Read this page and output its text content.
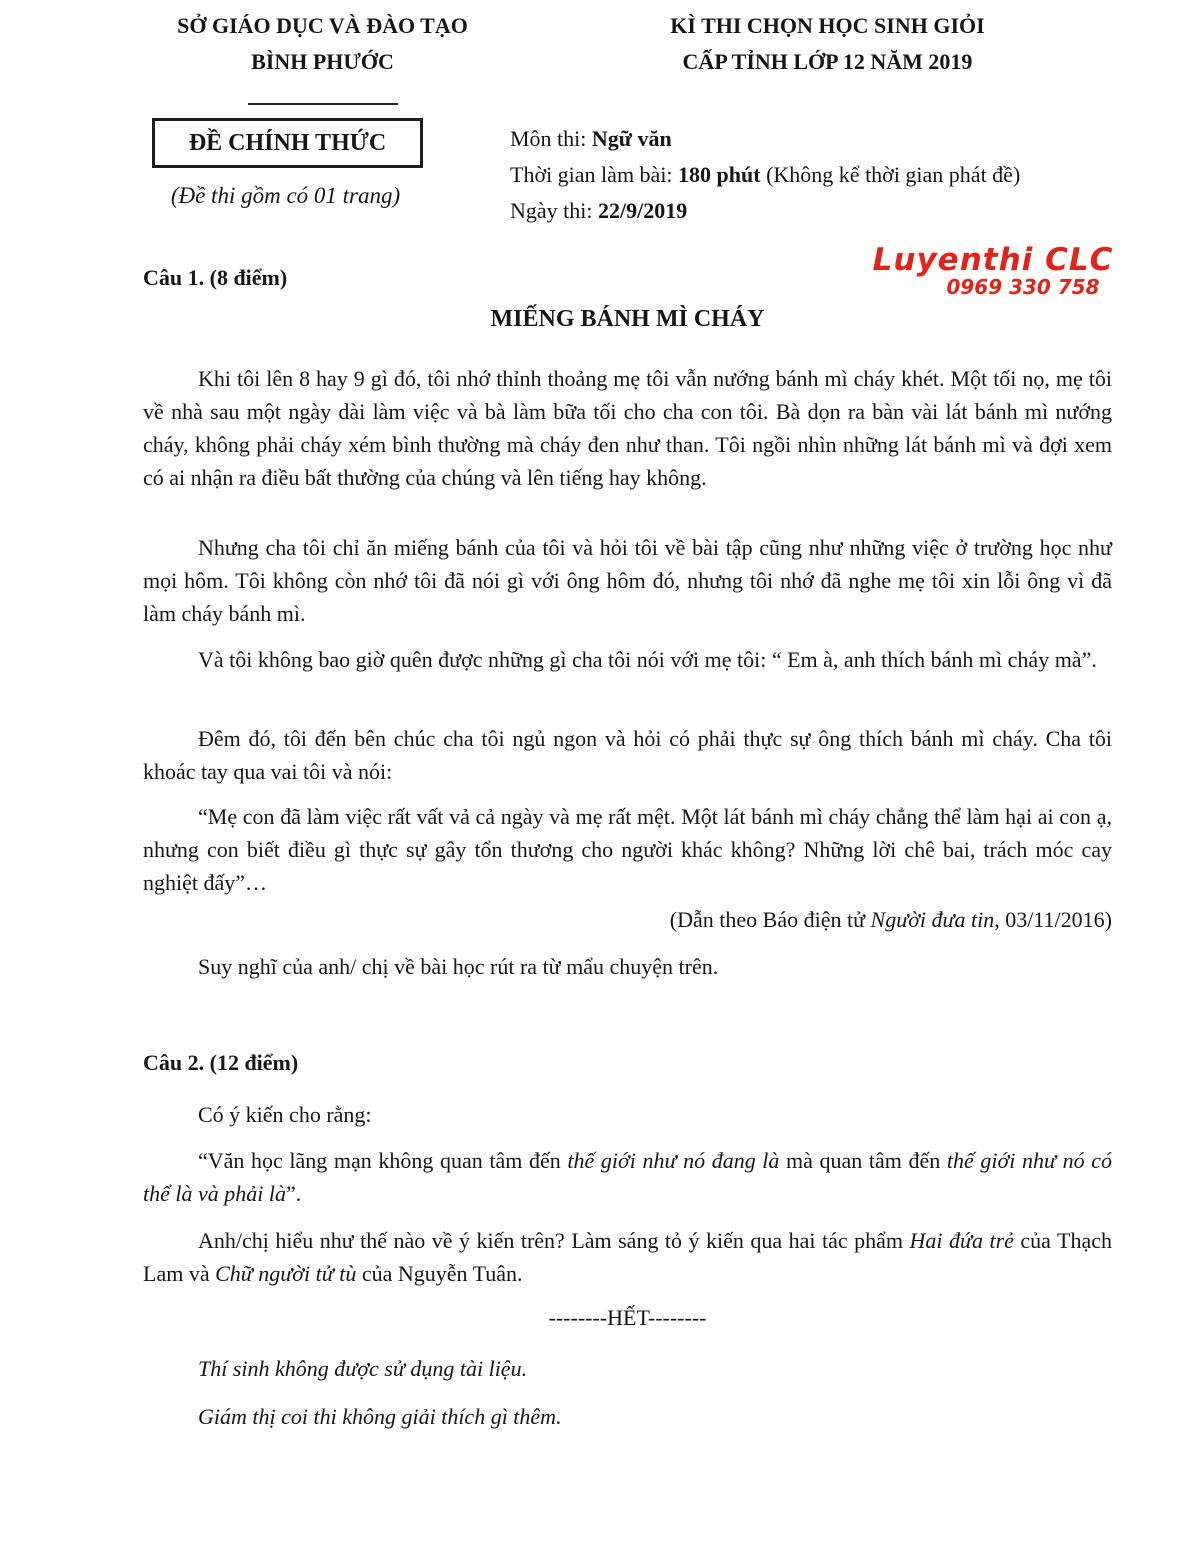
SỞ GIÁO DỤC VÀ ĐÀO TẠO
BÌNH PHƯỚC
KÌ THI CHỌN HỌC SINH GIỎI
CẤP TỈNH LỚP 12 NĂM 2019
ĐỀ CHÍNH THỨC
(Đề thi gồm có 01 trang)
Môn thi: Ngữ văn
Thời gian làm bài: 180 phút (Không kể thời gian phát đề)
Ngày thi: 22/9/2019
Luyenthi CLC
0969 330 758
Câu 1. (8 điểm)
MIẾNG BÁNH MÌ CHÁY

Khi tôi lên 8 hay 9 gì đó, tôi nhớ thỉnh thoảng mẹ tôi vẫn nướng bánh mì cháy khét. Một tối nọ, mẹ tôi về nhà sau một ngày dài làm việc và bà làm bữa tối cho cha con tôi. Bà dọn ra bàn vài lát bánh mì nướng cháy, không phải cháy xém bình thường mà cháy đen như than. Tôi ngồi nhìn những lát bánh mì và đợi xem có ai nhận ra điều bất thường của chúng và lên tiếng hay không.

Nhưng cha tôi chỉ ăn miếng bánh của tôi và hỏi tôi về bài tập cũng như những việc ở trường học như mọi hôm. Tôi không còn nhớ tôi đã nói gì với ông hôm đó, nhưng tôi nhớ đã nghe mẹ tôi xin lỗi ông vì đã làm cháy bánh mì.

Và tôi không bao giờ quên được những gì cha tôi nói với mẹ tôi: “ Em à, anh thích bánh mì cháy mà”.

Đêm đó, tôi đến bên chúc cha tôi ngủ ngon và hỏi có phải thực sự ông thích bánh mì cháy. Cha tôi khoác tay qua vai tôi và nói:

“Mẹ con đã làm việc rất vất vả cả ngày và mẹ rất mệt. Một lát bánh mì cháy chẳng thể làm hại ai con ạ, nhưng con biết điều gì thực sự gây tổn thương cho người khác không? Những lời chê bai, trách móc cay nghiệt đấy”…

(Dẫn theo Báo điện tử Người đưa tin, 03/11/2016)

Suy nghĩ của anh/ chị về bài học rút ra từ mẩu chuyện trên.

Câu 2. (12 điểm)

Có ý kiến cho rằng:

“Văn học lãng mạn không quan tâm đến thế giới như nó đang là mà quan tâm đến thế giới như nó có thể là và phải là”.

Anh/chị hiểu như thế nào về ý kiến trên? Làm sáng tỏ ý kiến qua hai tác phẩm Hai đứa trẻ của Thạch Lam và Chữ người tử tù của Nguyễn Tuân.

--------HẾT--------

Thí sinh không được sử dụng tài liệu.

Giám thị coi thi không giải thích gì thêm.
